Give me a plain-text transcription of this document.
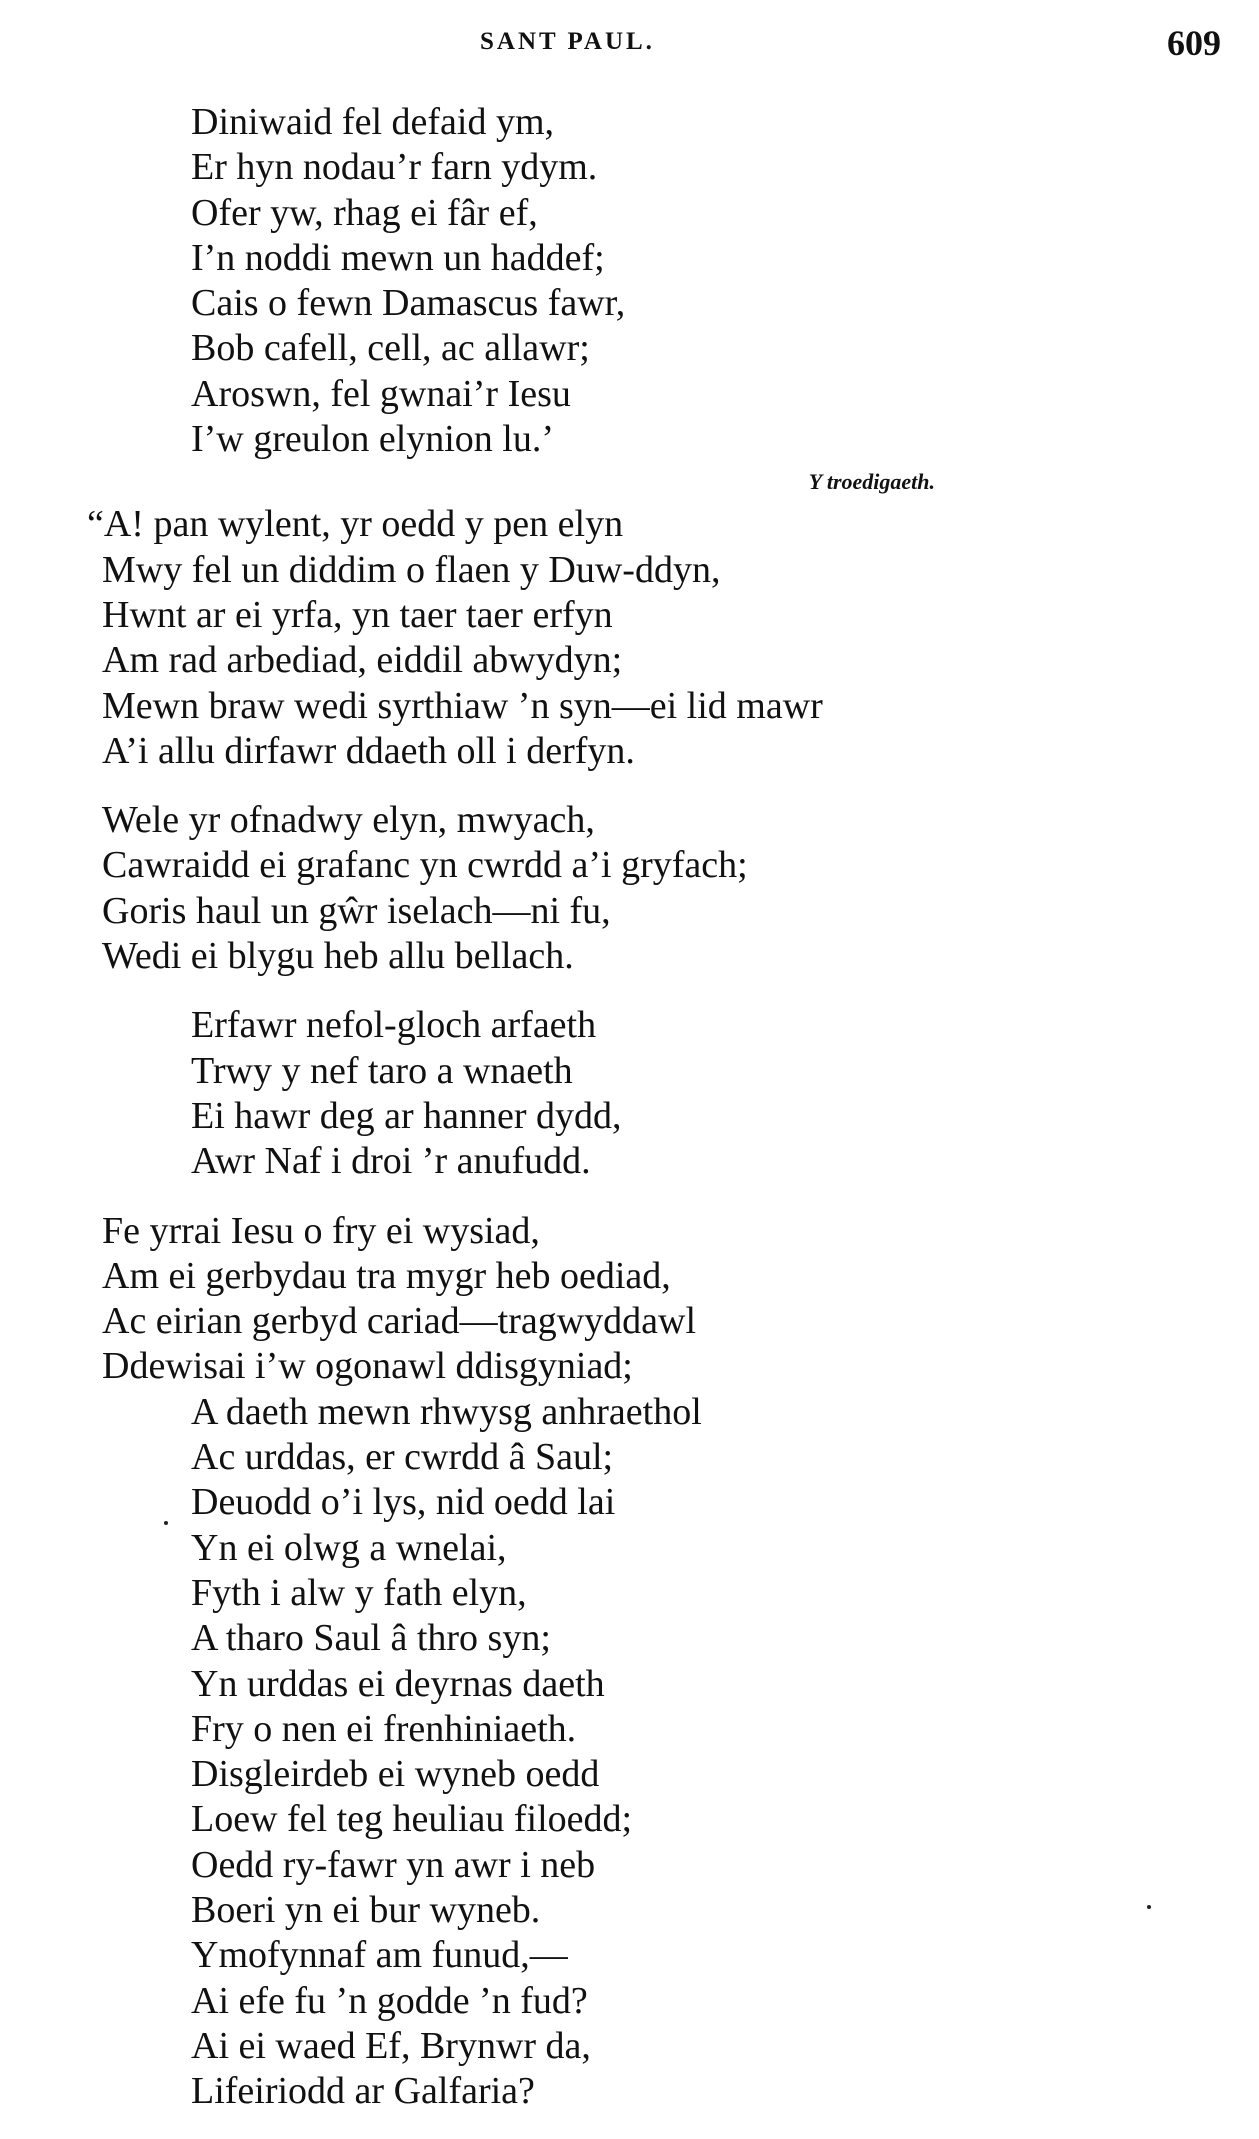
SANT PAUL.	609
Diniwaid fel defaid ym,
Er hyn nodau’r farn ydym.
Ofer yw, rhag ei fâr ef,
I’n noddi mewn un haddef;
Cais o fewn Damascus fawr,
Bob cafell, cell, ac allawr;
Aroswn, fel gwnai’r Iesu
I’w greulon elynion lu.’
Y troedigaeth.
“A! pan wylent, yr oedd y pen elyn
Mwy fel un diddim o flaen y Duw-ddyn,
Hwnt ar ei yrfa, yn taer taer erfyn
Am rad arbediad, eiddil abwydyn;
Mewn braw wedi syrthiaw ’n syn—ei lid mawr
A’i allu dirfawr ddaeth oll i derfyn.
Wele yr ofnadwy elyn, mwyach,
Cawraidd ei grafanc yn cwrdd a’i gryfach;
Goris haul un gŵr iselach—ni fu,
Wedi ei blygu heb allu bellach.
Erfawr nefol-gloch arfaeth
Trwy y nef taro a wnaeth
Ei hawr deg ar hanner dydd,
Awr Naf i droi ’r anufudd.
Fe yrrai Iesu o fry ei wysiad,
Am ei gerbydau tra mygr heb oediad,
Ac eirian gerbyd cariad—tragwyddawl
Ddewisai i’w ogonawl ddisgyniad;
A daeth mewn rhwysg anhraethol
Ac urddas, er cwrdd â Saul;
Deuodd o’i lys, nid oedd lai
Yn ei olwg a wnelai,
Fyth i alw y fath elyn,
A tharo Saul â thro syn;
Yn urddas ei deyrnas daeth
Fry o nen ei frenhiniaeth.
Disgleirdeb ei wyneb oedd
Loew fel teg heuliau filoedd;
Oedd ry-fawr yn awr i neb
Boeri yn ei bur wyneb.
Ymofynnaf am funud,—
Ai efe fu ’n godde ’n fud?
Ai ei waed Ef, Brynwr da,
Lifeiriodd ar Galfaria?
